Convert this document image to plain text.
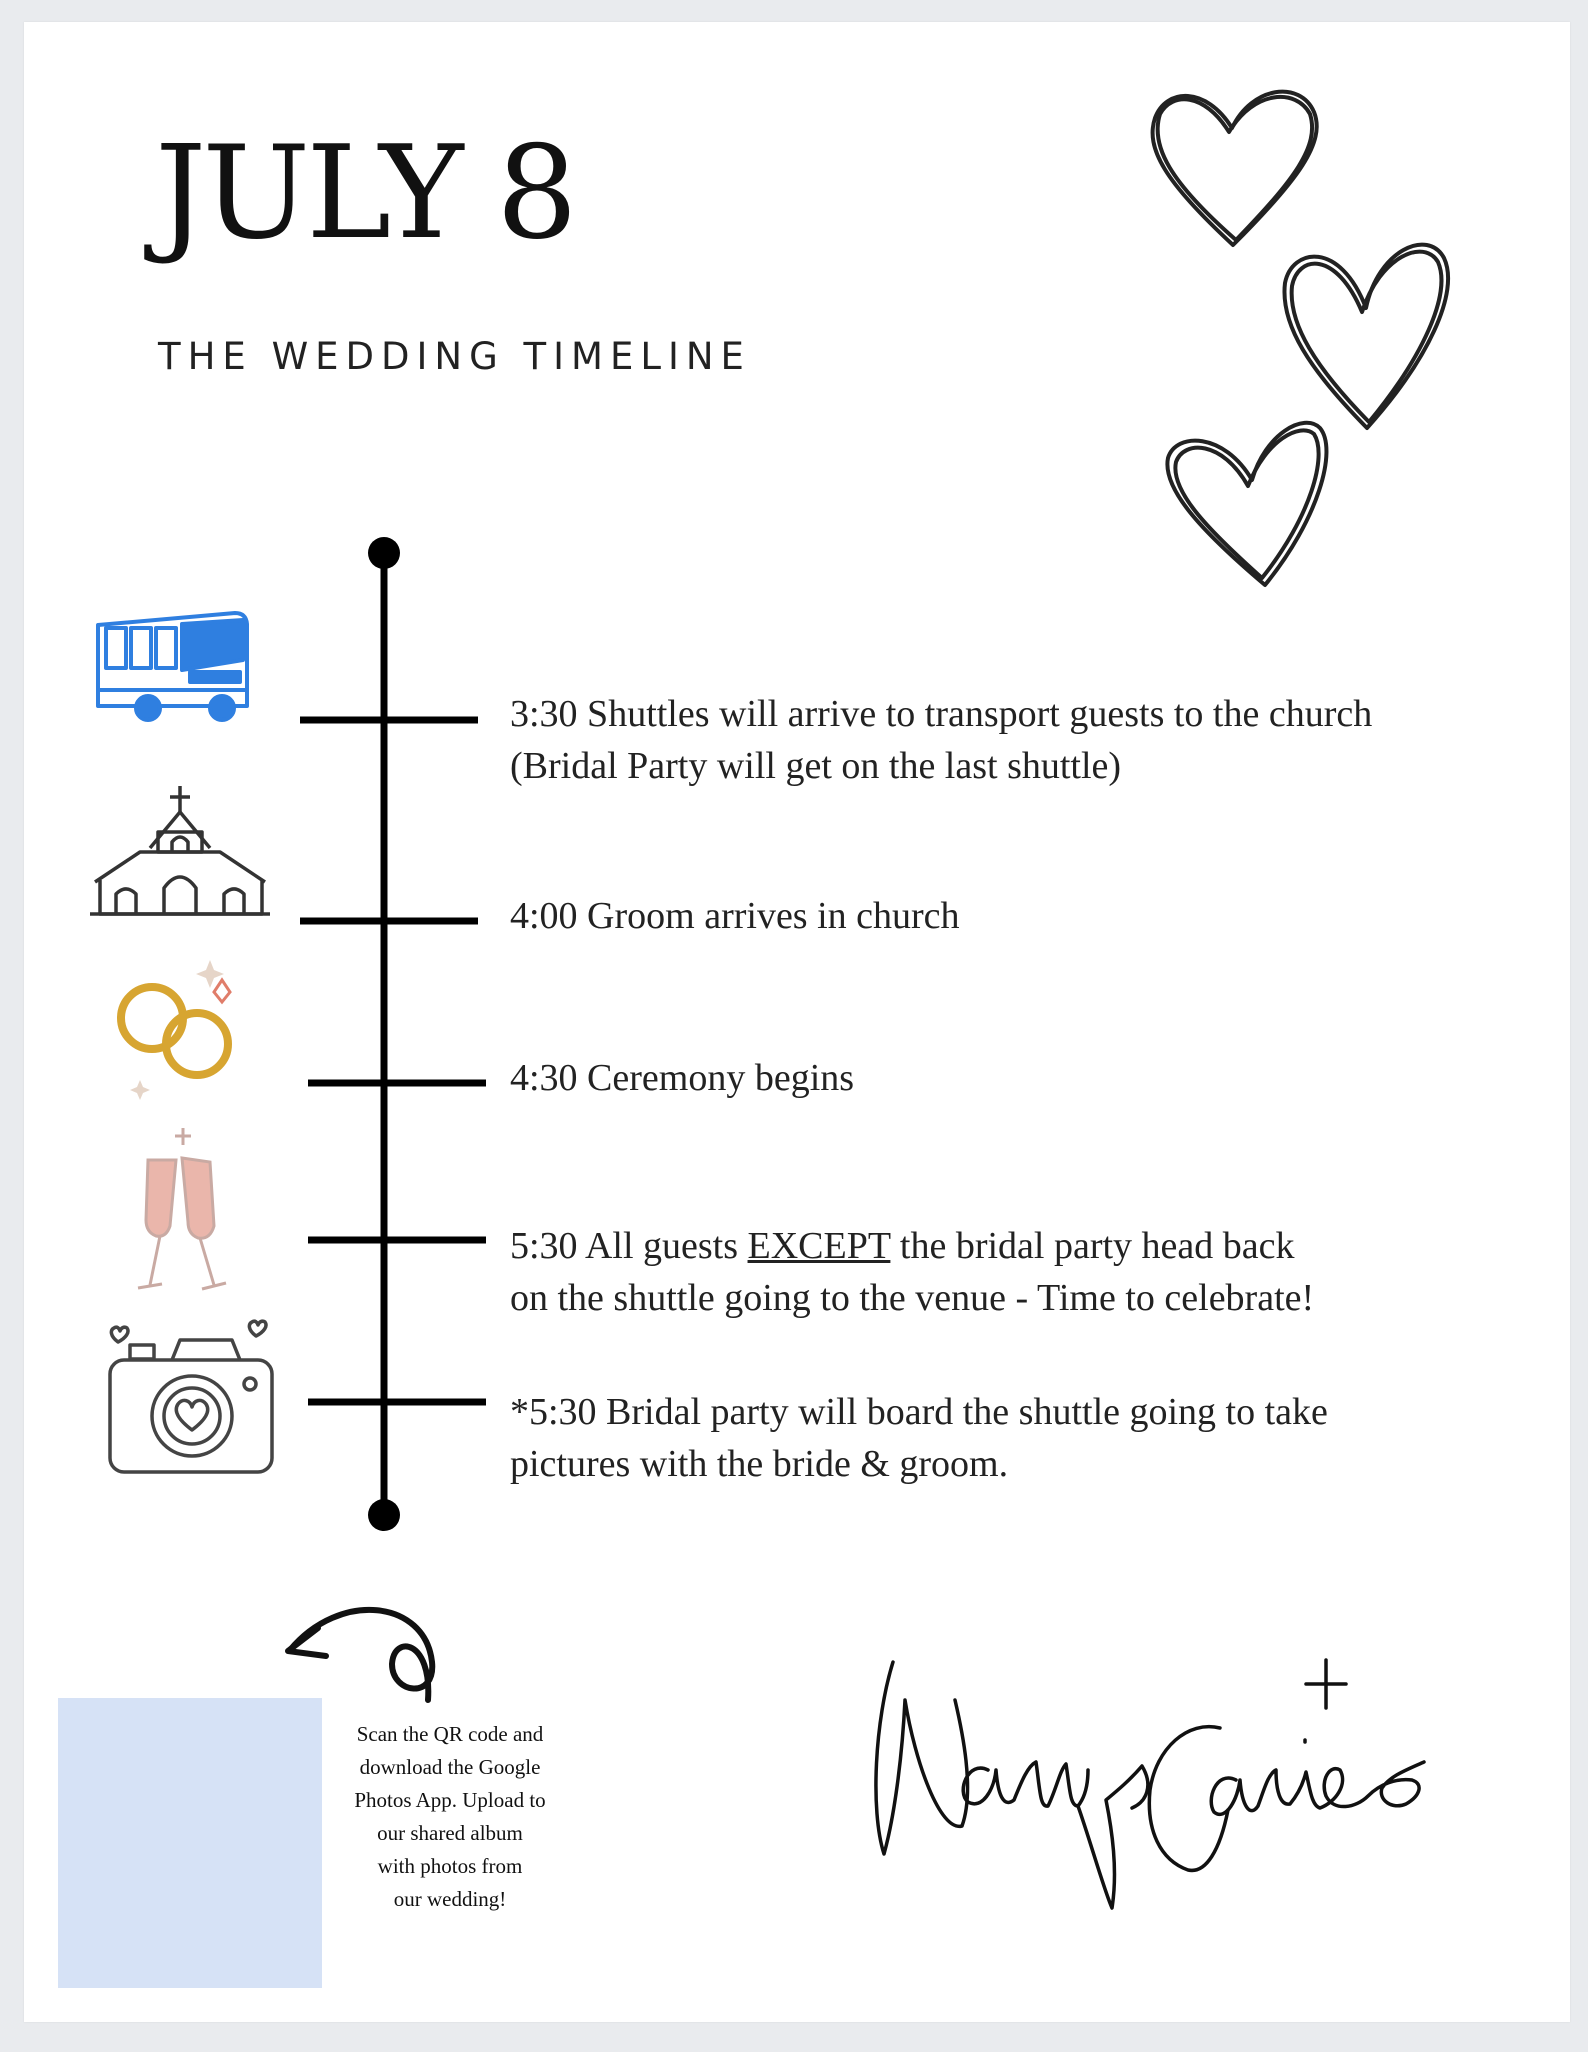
JULY 8
THE WEDDING TIMELINE
3:30 Shuttles will arrive to transport guests to the church
(Bridal Party will get on the last shuttle)
4:00 Groom arrives in church
4:30 Ceremony begins
5:30 All guests EXCEPT the bridal party head back
on the shuttle going to the venue - Time to celebrate!
*5:30 Bridal party will board the shuttle going to take
pictures with the bride & groom.
Scan the QR code and
download the Google
Photos App. Upload to
our shared album
with photos from
our wedding!
